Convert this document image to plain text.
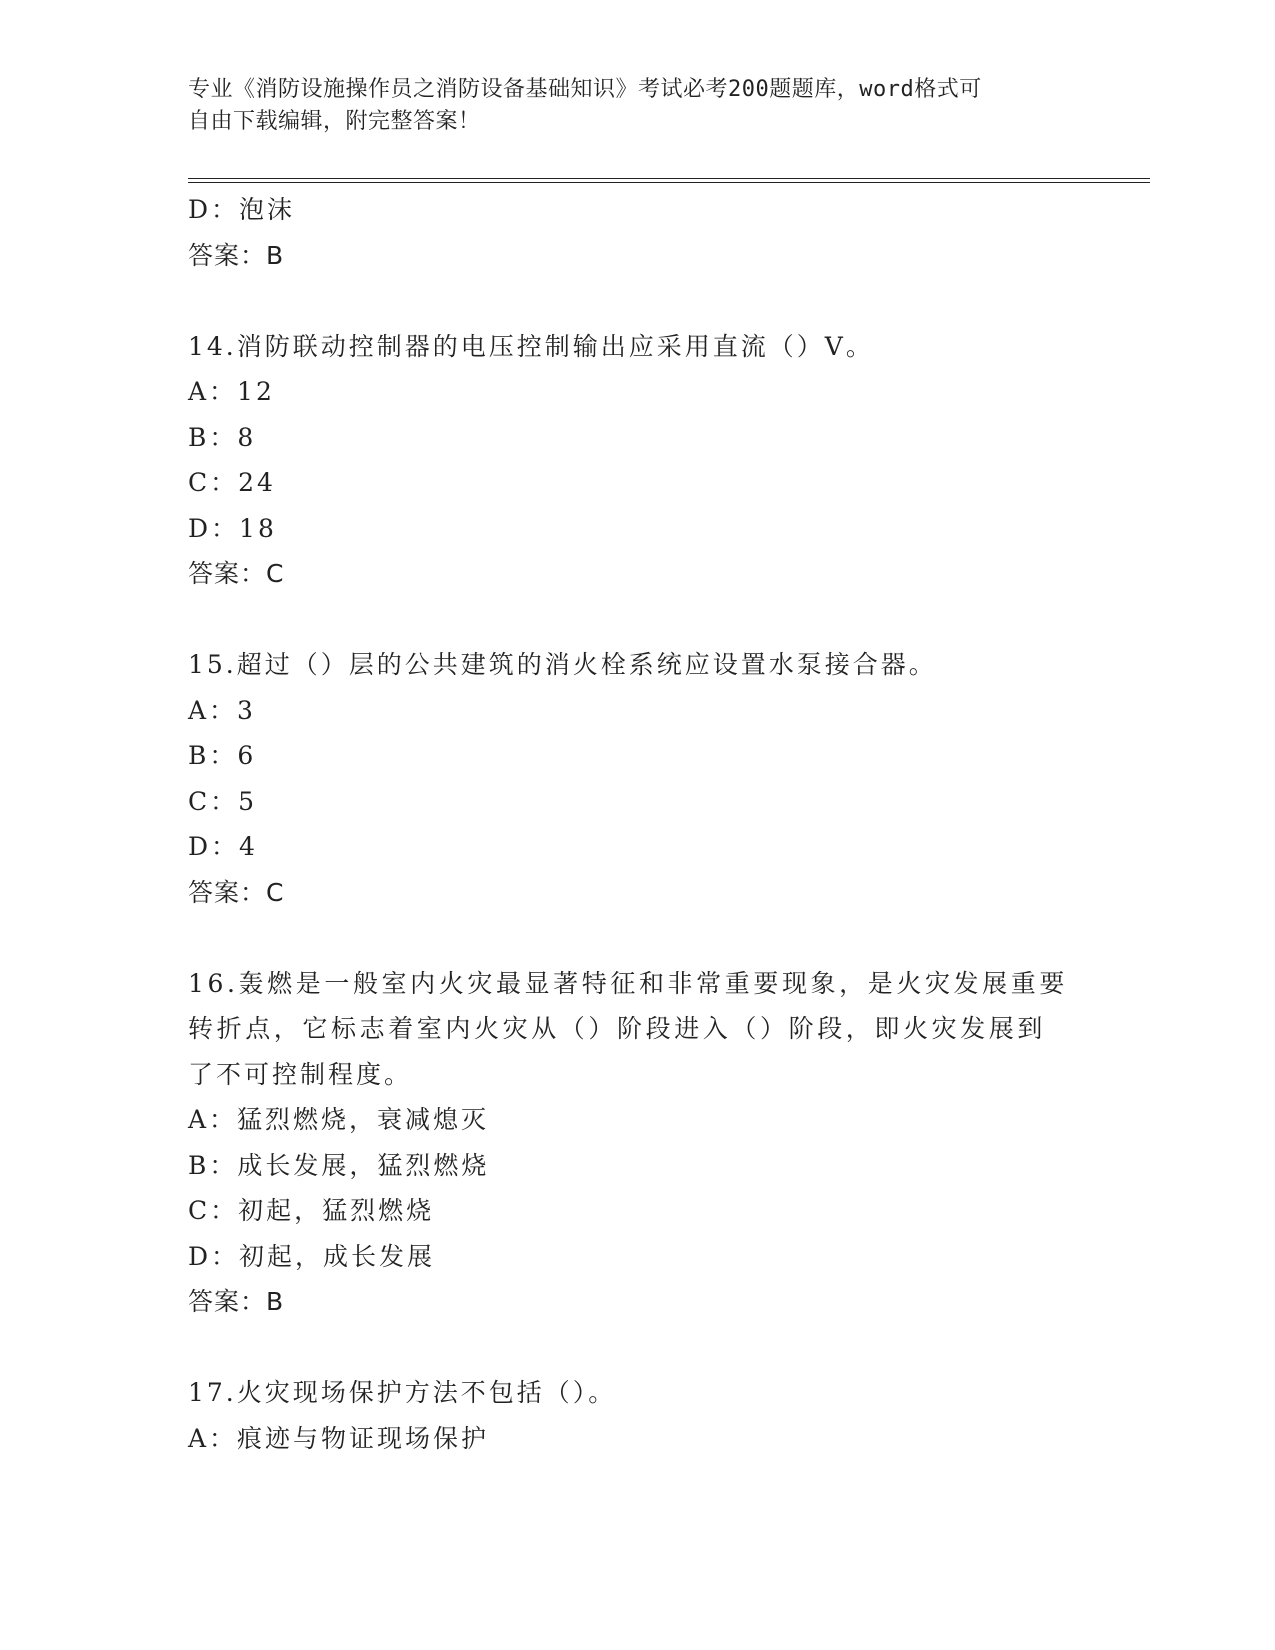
专业《消防设施操作员之消防设备基础知识》考试必考200题题库，word格式可
自由下载编辑，附完整答案！
D：泡沫
答案：B
14.消防联动控制器的电压控制输出应采用直流（）V。
A：12
B：8
C：24
D：18
答案：C
15.超过（）层的公共建筑的消火栓系统应设置水泵接合器。
A：3
B：6
C：5
D：4
答案：C
16.轰燃是一般室内火灾最显著特征和非常重要现象，是火灾发展重要
转折点，它标志着室内火灾从（）阶段进入（）阶段，即火灾发展到
了不可控制程度。
A：猛烈燃烧，衰减熄灭
B：成长发展，猛烈燃烧
C：初起，猛烈燃烧
D：初起，成长发展
答案：B
17.火灾现场保护方法不包括（）。
A：痕迹与物证现场保护
